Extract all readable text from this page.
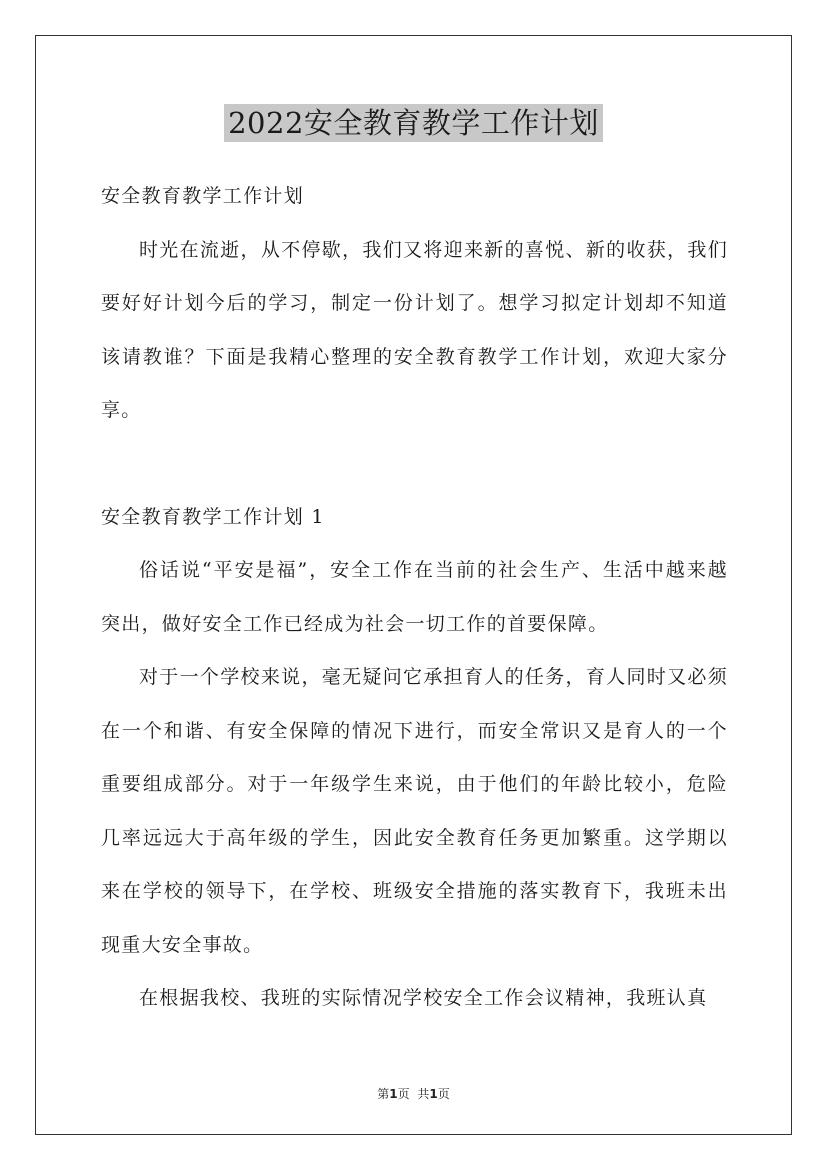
2022安全教育教学工作计划

安全教育教学工作计划

时光在流逝，从不停歇，我们又将迎来新的喜悦、新的收获，我们要好好计划今后的学习，制定一份计划了。想学习拟定计划却不知道该请教谁？下面是我精心整理的安全教育教学工作计划，欢迎大家分享。

安全教育教学工作计划 1

俗话说“平安是福”，安全工作在当前的社会生产、生活中越来越突出，做好安全工作已经成为社会一切工作的首要保障。

对于一个学校来说，毫无疑问它承担育人的任务，育人同时又必须在一个和谐、有安全保障的情况下进行，而安全常识又是育人的一个重要组成部分。对于一年级学生来说，由于他们的年龄比较小，危险几率远远大于高年级的学生，因此安全教育任务更加繁重。这学期以来在学校的领导下，在学校、班级安全措施的落实教育下，我班未出现重大安全事故。

在根据我校、我班的实际情况学校安全工作会议精神，我班认真

第1页 共1页
